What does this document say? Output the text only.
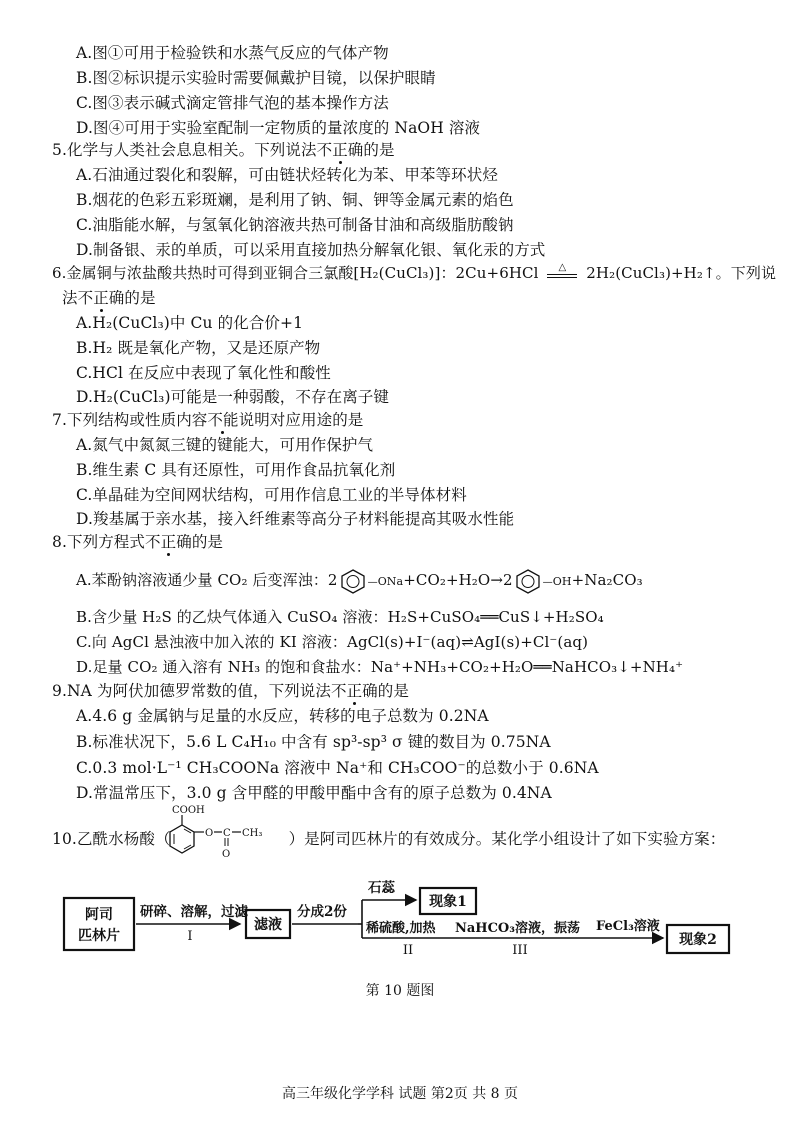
A.图①可用于检验铁和水蒸气反应的气体产物
B.图②标识提示实验时需要佩戴护目镜，以保护眼睛
C.图③表示碱式滴定管排气泡的基本操作方法
D.图④可用于实验室配制一定物质的量浓度的 NaOH 溶液
5.化学与人类社会息息相关。下列说法不正确的是
A.石油通过裂化和裂解，可由链状烃转化为苯、甲苯等环状烃
B.烟花的色彩五彩斑斓，是利用了钠、铜、钾等金属元素的焰色
C.油脂能水解，与氢氧化钠溶液共热可制备甘油和高级脂肪酸钠
D.制备银、汞的单质，可以采用直接加热分解氧化银、氧化汞的方式
6.金属铜与浓盐酸共热时可得到亚铜合三氯酸[H₂(CuCl₃)]：2Cu+6HCl	△	2H₂(CuCl₃)+H₂↑。下列说
法不正确的是
A.H₂(CuCl₃)中 Cu 的化合价+1
B.H₂ 既是氧化产物，又是还原产物
C.HCl 在反应中表现了氧化性和酸性
D.H₂(CuCl₃)可能是一种弱酸，不存在离子键
7.下列结构或性质内容不能说明对应用途的是
A.氮气中氮氮三键的键能大，可用作保护气
B.维生素 C 具有还原性，可用作食品抗氧化剂
C.单晶硅为空间网状结构，可用作信息工业的半导体材料
D.羧基属于亲水基，接入纤维素等高分子材料能提高其吸水性能
8.下列方程式不正确的是
A.苯酚钠溶液通少量 CO₂ 后变浑浊：2	—ONa+CO₂+H₂O→2	—OH+Na₂CO₃
B.含少量 H₂S 的乙炔气体通入 CuSO₄ 溶液：H₂S+CuSO₄══CuS↓+H₂SO₄
C.向 AgCl 悬浊液中加入浓的 KI 溶液：AgCl(s)+I⁻(aq)⇌AgI(s)+Cl⁻(aq)
D.足量 CO₂ 通入溶有 NH₃ 的饱和食盐水：Na⁺+NH₃+CO₂+H₂O══NaHCO₃↓+NH₄⁺
9.NA 为阿伏加德罗常数的值，下列说法不正确的是
A.4.6 g 金属钠与足量的水反应，转移的电子总数为 0.2NA
B.标准状况下，5.6 L C₄H₁₀ 中含有 sp³-sp³ σ 键的数目为 0.75NA
C.0.3 mol·L⁻¹ CH₃COONa 溶液中 Na⁺和 CH₃COO⁻的总数小于 0.6NA
D.常温常压下，3.0 g 含甲醛的甲酸甲酯中含有的原子总数为 0.4NA
10.乙酰水杨酸（	）是阿司匹林片的有效成分。某化学小组设计了如下实验方案：
COOH
O C CH₃
O
阿司
匹林片
研碎、溶解，过滤
I
滤液
分成2份
石蕊
现象1
稀硫酸,加热
II
NaHCO₃溶液，振荡
III
FeCl₃溶液
现象2
第 10 题图
高三年级化学学科 试题 第2页 共 8 页
